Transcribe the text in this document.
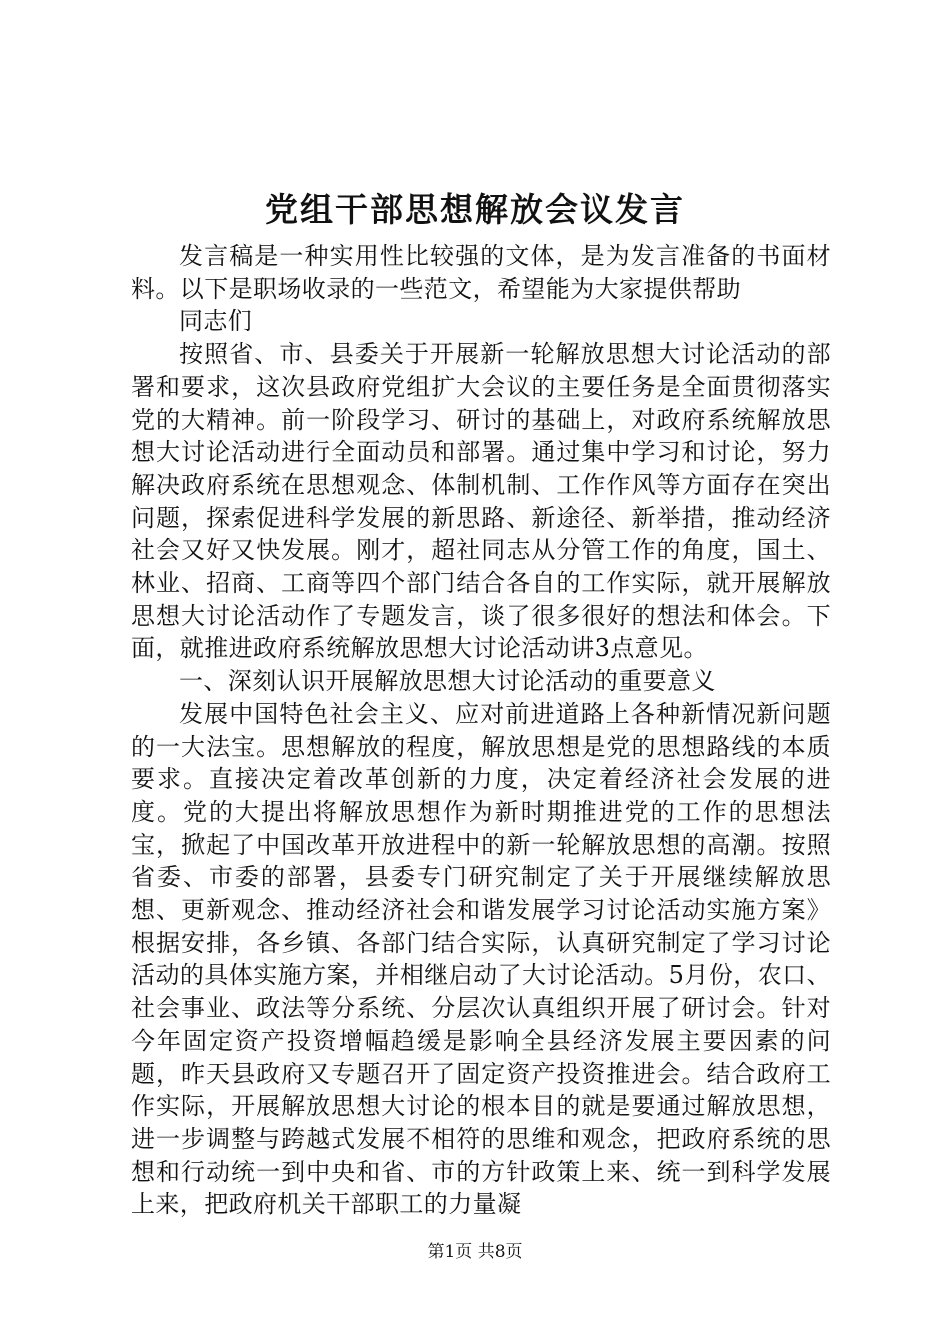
党组干部思想解放会议发言

发言稿是一种实用性比较强的文体，是为发言准备的书面材料。以下是职场收录的一些范文，希望能为大家提供帮助

同志们

按照省、市、县委关于开展新一轮解放思想大讨论活动的部署和要求，这次县政府党组扩大会议的主要任务是全面贯彻落实党的大精神。前一阶段学习、研讨的基础上，对政府系统解放思想大讨论活动进行全面动员和部署。通过集中学习和讨论，努力解决政府系统在思想观念、体制机制、工作作风等方面存在突出问题，探索促进科学发展的新思路、新途径、新举措，推动经济社会又好又快发展。刚才，超社同志从分管工作的角度，国土、林业、招商、工商等四个部门结合各自的工作实际，就开展解放思想大讨论活动作了专题发言，谈了很多很好的想法和体会。下面，就推进政府系统解放思想大讨论活动讲3点意见。

一、深刻认识开展解放思想大讨论活动的重要意义

发展中国特色社会主义、应对前进道路上各种新情况新问题的一大法宝。思想解放的程度，解放思想是党的思想路线的本质要求。直接决定着改革创新的力度，决定着经济社会发展的进度。党的大提出将解放思想作为新时期推进党的工作的思想法宝，掀起了中国改革开放进程中的新一轮解放思想的高潮。按照省委、市委的部署，县委专门研究制定了关于开展继续解放思想、更新观念、推动经济社会和谐发展学习讨论活动实施方案》根据安排，各乡镇、各部门结合实际，认真研究制定了学习讨论活动的具体实施方案，并相继启动了大讨论活动。5月份，农口、社会事业、政法等分系统、分层次认真组织开展了研讨会。针对今年固定资产投资增幅趋缓是影响全县经济发展主要因素的问题，昨天县政府又专题召开了固定资产投资推进会。结合政府工作实际，开展解放思想大讨论的根本目的就是要通过解放思想，进一步调整与跨越式发展不相符的思维和观念，把政府系统的思想和行动统一到中央和省、市的方针政策上来、统一到科学发展上来，把政府机关干部职工的力量凝

第1页 共8页
